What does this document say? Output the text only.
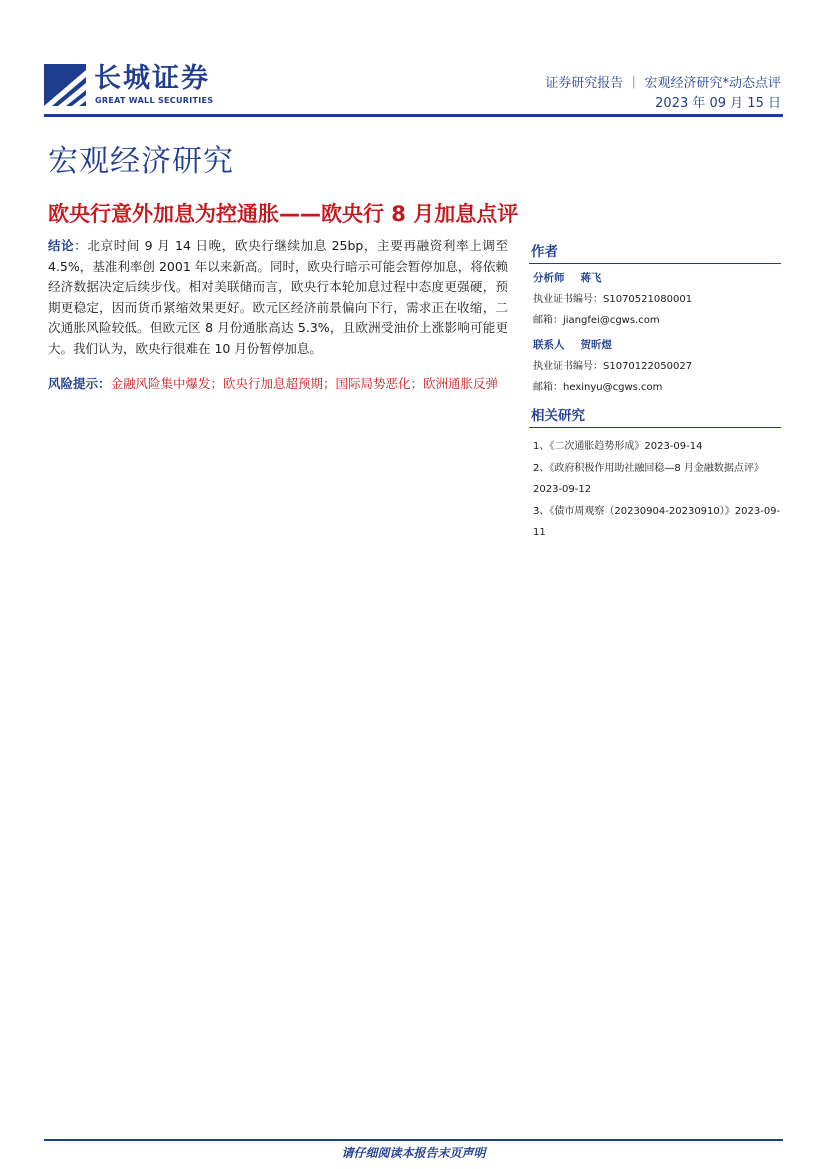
长城证券
GREAT WALL SECURITIES
证券研究报告 ｜ 宏观经济研究*动态点评
2023 年 09 月 15 日
宏观经济研究
欧央行意外加息为控通胀——欧央行 8 月加息点评

结论：北京时间 9 月 14 日晚，欧央行继续加息 25bp，主要再融资利率上调至 4.5%，基准利率创 2001 年以来新高。同时，欧央行暗示可能会暂停加息，将依赖经济数据决定后续步伐。相对美联储而言，欧央行本轮加息过程中态度更强硬，预期更稳定，因而货币紧缩效果更好。欧元区经济前景偏向下行，需求正在收缩，二次通胀风险较低。但欧元区 8 月份通胀高达 5.3%，且欧洲受油价上涨影响可能更大。我们认为，欧央行很难在 10 月份暂停加息。

风险提示：金融风险集中爆发；欧央行加息超预期；国际局势恶化；欧洲通胀反弹

作者
分析师 蒋飞
执业证书编号：S1070521080001
邮箱：jiangfei@cgws.com
联系人 贺昕煜
执业证书编号：S1070122050027
邮箱：hexinyu@cgws.com
相关研究
1、《二次通胀趋势形成》2023-09-14
2、《政府积极作用助社融回稳—8 月金融数据点评》2023-09-12
3、《债市周观察（20230904-20230910）》2023-09-11
请仔细阅读本报告末页声明
